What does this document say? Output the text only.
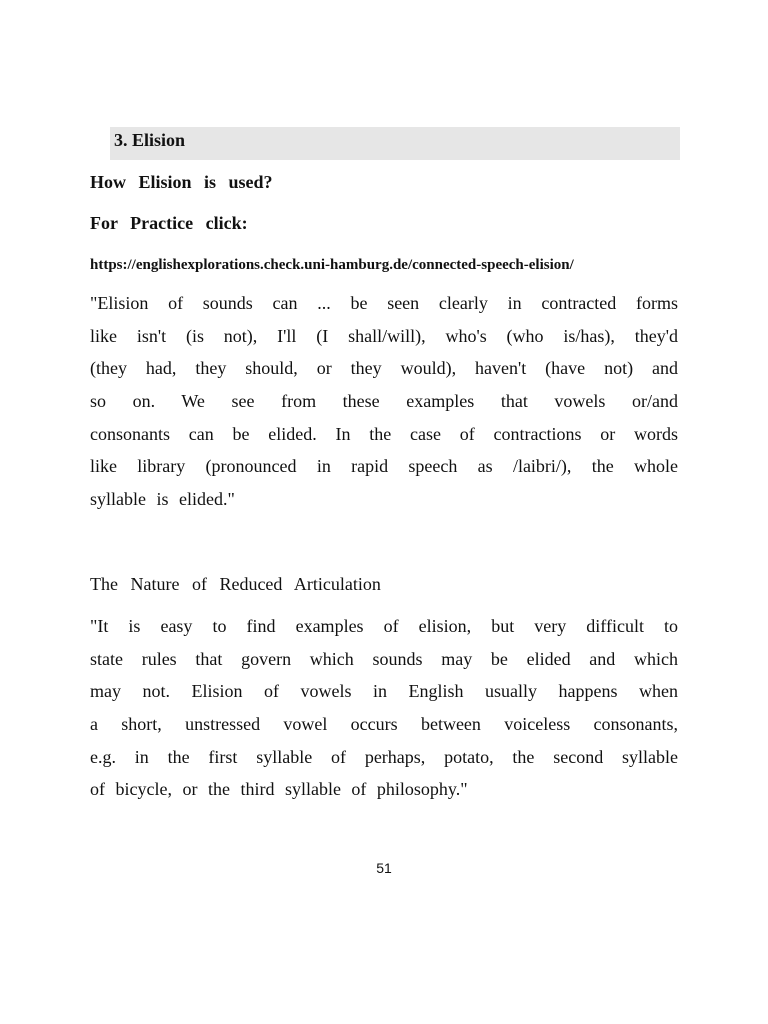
3. Elision
How Elision is used?
For Practice click:
https://englishexplorations.check.uni-hamburg.de/connected-speech-elision/

"Elision of sounds can ... be seen clearly in contracted forms
like isn't (is not), I'll (I shall/will), who's (who is/has), they'd
(they had, they should, or they would), haven't (have not) and
so on. We see from these examples that vowels or/and
consonants can be elided. In the case of contractions or words
like library (pronounced in rapid speech as /laibri/), the whole
syllable is elided."

The Nature of Reduced Articulation

"It is easy to find examples of elision, but very difficult to
state rules that govern which sounds may be elided and which
may not. Elision of vowels in English usually happens when
a short, unstressed vowel occurs between voiceless consonants,
e.g. in the first syllable of perhaps, potato, the second syllable
of bicycle, or the third syllable of philosophy."

51
